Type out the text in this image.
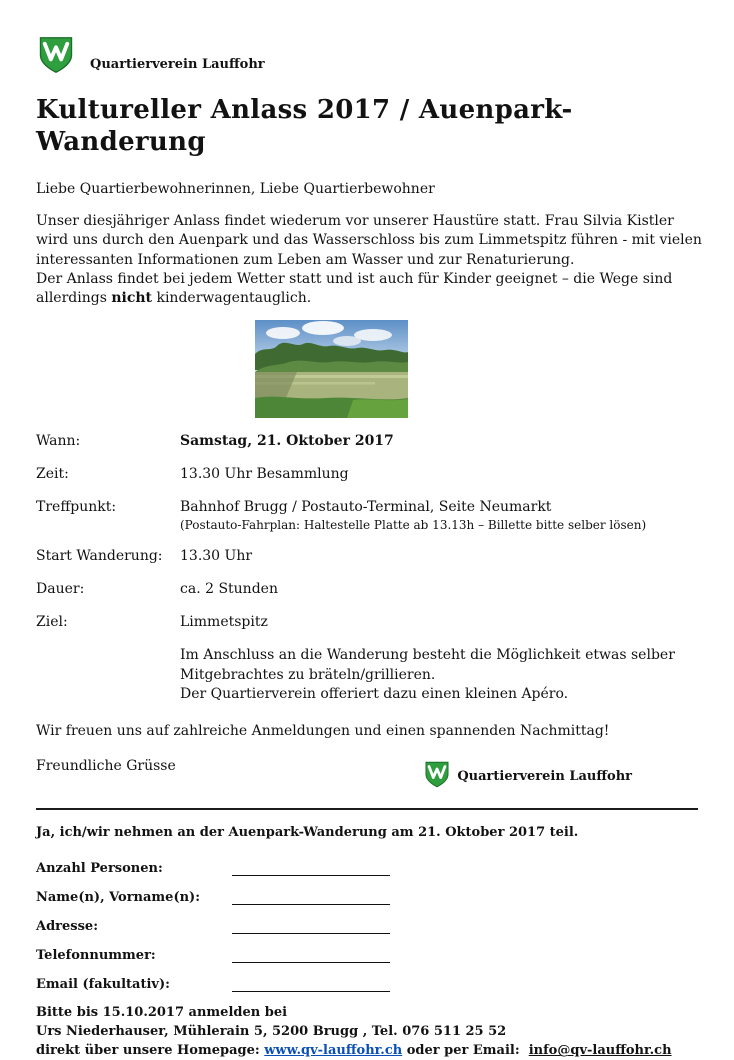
Quartierverein Lauffohr
Kultureller Anlass 2017 / Auenpark-Wanderung
Liebe Quartierbewohnerinnen, Liebe Quartierbewohner
Unser diesjähriger Anlass findet wiederum vor unserer Haustüre statt. Frau Silvia Kistler wird uns durch den Auenpark und das Wasserschloss bis zum Limmetspitz führen - mit vielen interessanten Informationen zum Leben am Wasser und zur Renaturierung.
Der Anlass findet bei jedem Wetter statt und ist auch für Kinder geeignet – die Wege sind allerdings nicht kinderwagentauglich.
Wann:	Samstag, 21. Oktober 2017
Zeit:	13.30 Uhr Besammlung
Treffpunkt:	Bahnhof Brugg / Postauto-Terminal, Seite Neumarkt
(Postauto-Fahrplan: Haltestelle Platte ab 13.13h – Billette bitte selber lösen)
Start Wanderung:	13.30 Uhr
Dauer:	ca. 2 Stunden
Ziel:	Limmetspitz
Im Anschluss an die Wanderung besteht die Möglichkeit etwas selber Mitgebrachtes zu bräteln/grillieren.
Der Quartierverein offeriert dazu einen kleinen Apéro.
Wir freuen uns auf zahlreiche Anmeldungen und einen spannenden Nachmittag!
Freundliche Grüsse
Quartierverein Lauffohr
Ja, ich/wir nehmen an der Auenpark-Wanderung am 21. Oktober 2017 teil.
Anzahl Personen:
Name(n), Vorname(n):
Adresse:
Telefonnummer:
Email (fakultativ):
Bitte bis 15.10.2017 anmelden bei
Urs Niederhauser, Mühlerain 5, 5200 Brugg , Tel. 076 511 25 52
direkt über unsere Homepage: www.qv-lauffohr.ch oder per Email:  info@qv-lauffohr.ch
